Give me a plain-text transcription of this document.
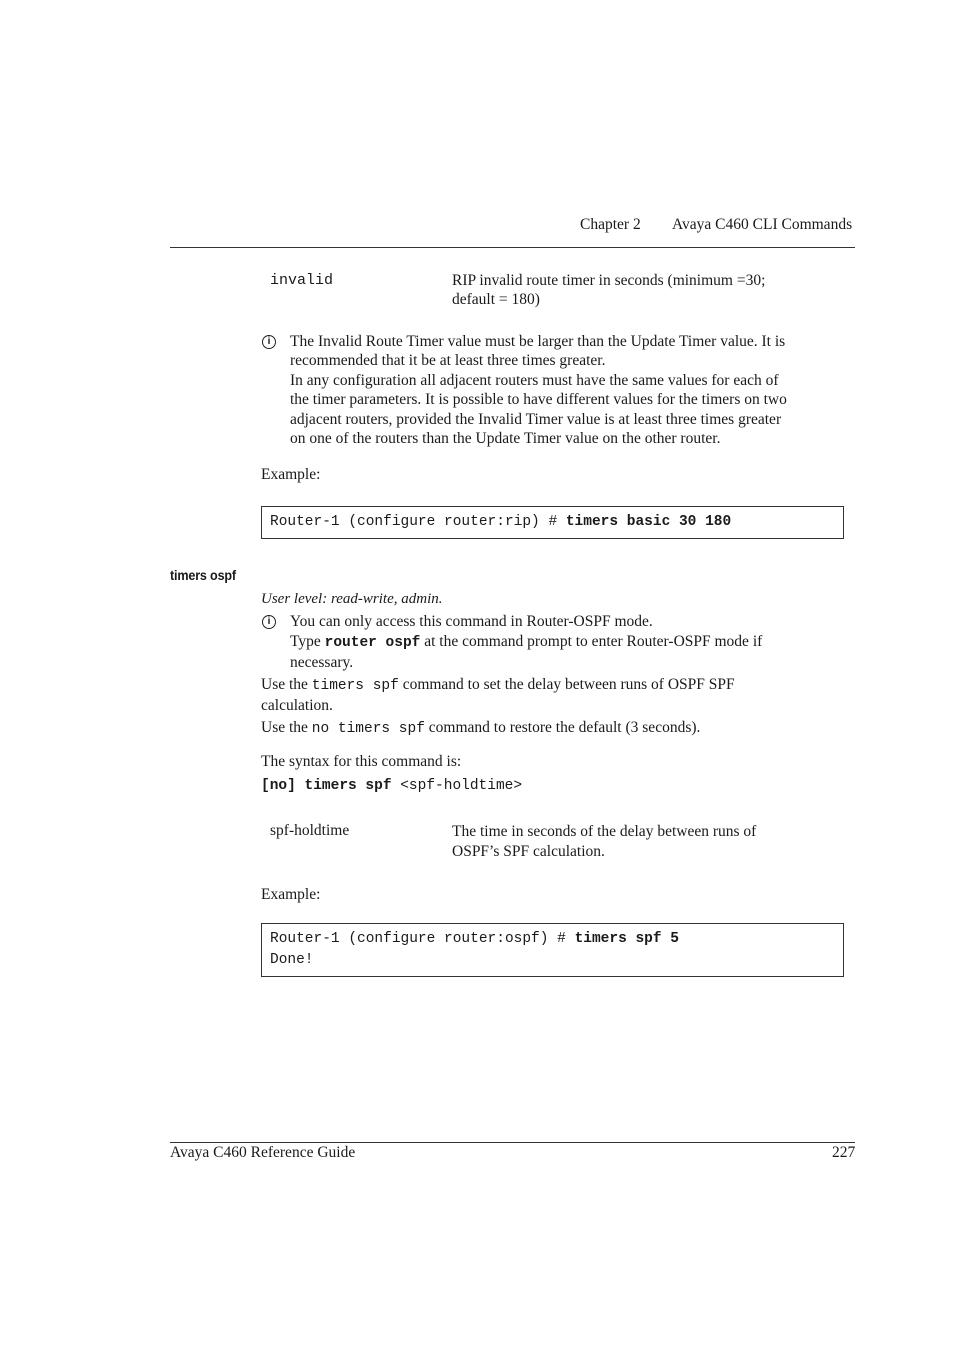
Chapter 2 Avaya C460 CLI Commands
invalid	RIP invalid route timer in seconds (minimum =30;
default = 180)
i	The Invalid Route Timer value must be larger than the Update Timer value. It is
recommended that it be at least three times greater.
In any configuration all adjacent routers must have the same values for each of
the timer parameters. It is possible to have different values for the timers on two
adjacent routers, provided the Invalid Timer value is at least three times greater
on one of the routers than the Update Timer value on the other router.
Example:
Router-1 (configure router:rip) # timers basic 30 180
timers ospf
User level: read-write, admin.
i	You can only access this command in Router-OSPF mode.
Type router ospf at the command prompt to enter Router-OSPF mode if
necessary.
Use the timers spf command to set the delay between runs of OSPF SPF
calculation.
Use the no timers spf command to restore the default (3 seconds).
The syntax for this command is:
[no] timers spf <spf-holdtime>
spf-holdtime	The time in seconds of the delay between runs of
OSPF’s SPF calculation.
Example:
Router-1 (configure router:ospf) # timers spf 5
Done!
Avaya C460 Reference Guide	227
